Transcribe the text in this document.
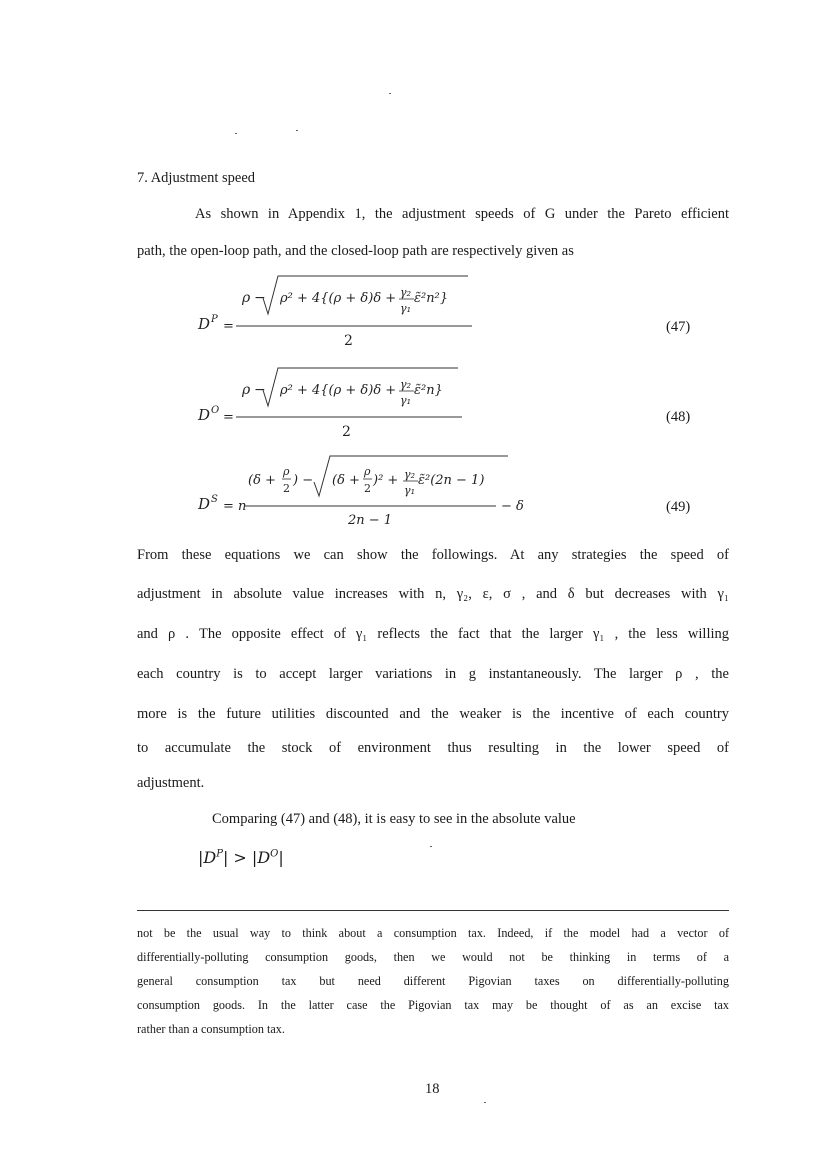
7. Adjustment speed
As shown in Appendix 1, the adjustment speeds of G under the Pareto efficient
path, the open-loop path, and the closed-loop path are respectively given as
D P =
ρ − ρ² + 4{(ρ + δ)δ + γ₂
γ₁
ε̃²n²}
2
(47)
D O =
ρ − ρ² + 4{(ρ + δ)δ + γ₂
γ₁
ε̃²n}
2
(48)
D S = n
(δ +
ρ
2
) − (δ +
ρ
2
)² + γ₂
γ₁
ε̃²(2n − 1)
2n − 1
− δ	(49)
From these equations we can show the followings. At any strategies the speed of
adjustment in absolute value increases with n, γ₂, ε, σ , and δ but decreases with γ₁
and ρ . The opposite effect of γ₁ reflects the fact that the larger γ₁ , the less willing
each country is to accept larger variations in g instantaneously. The larger ρ , the
more is the future utilities discounted and the weaker is the incentive of each country
to accumulate the stock of environment thus resulting in the lower speed of
adjustment.
Comparing (47) and (48), it is easy to see in the absolute value
$|D^P| > |D^O|$
not be the usual way to think about a consumption tax. Indeed, if the model had a vector of
differentially-polluting consumption goods, then we would not be thinking in terms of a
general consumption tax but need different Pigovian taxes on differentially-polluting
consumption goods. In the latter case the Pigovian tax may be thought of as an excise tax
rather than a consumption tax.
18
